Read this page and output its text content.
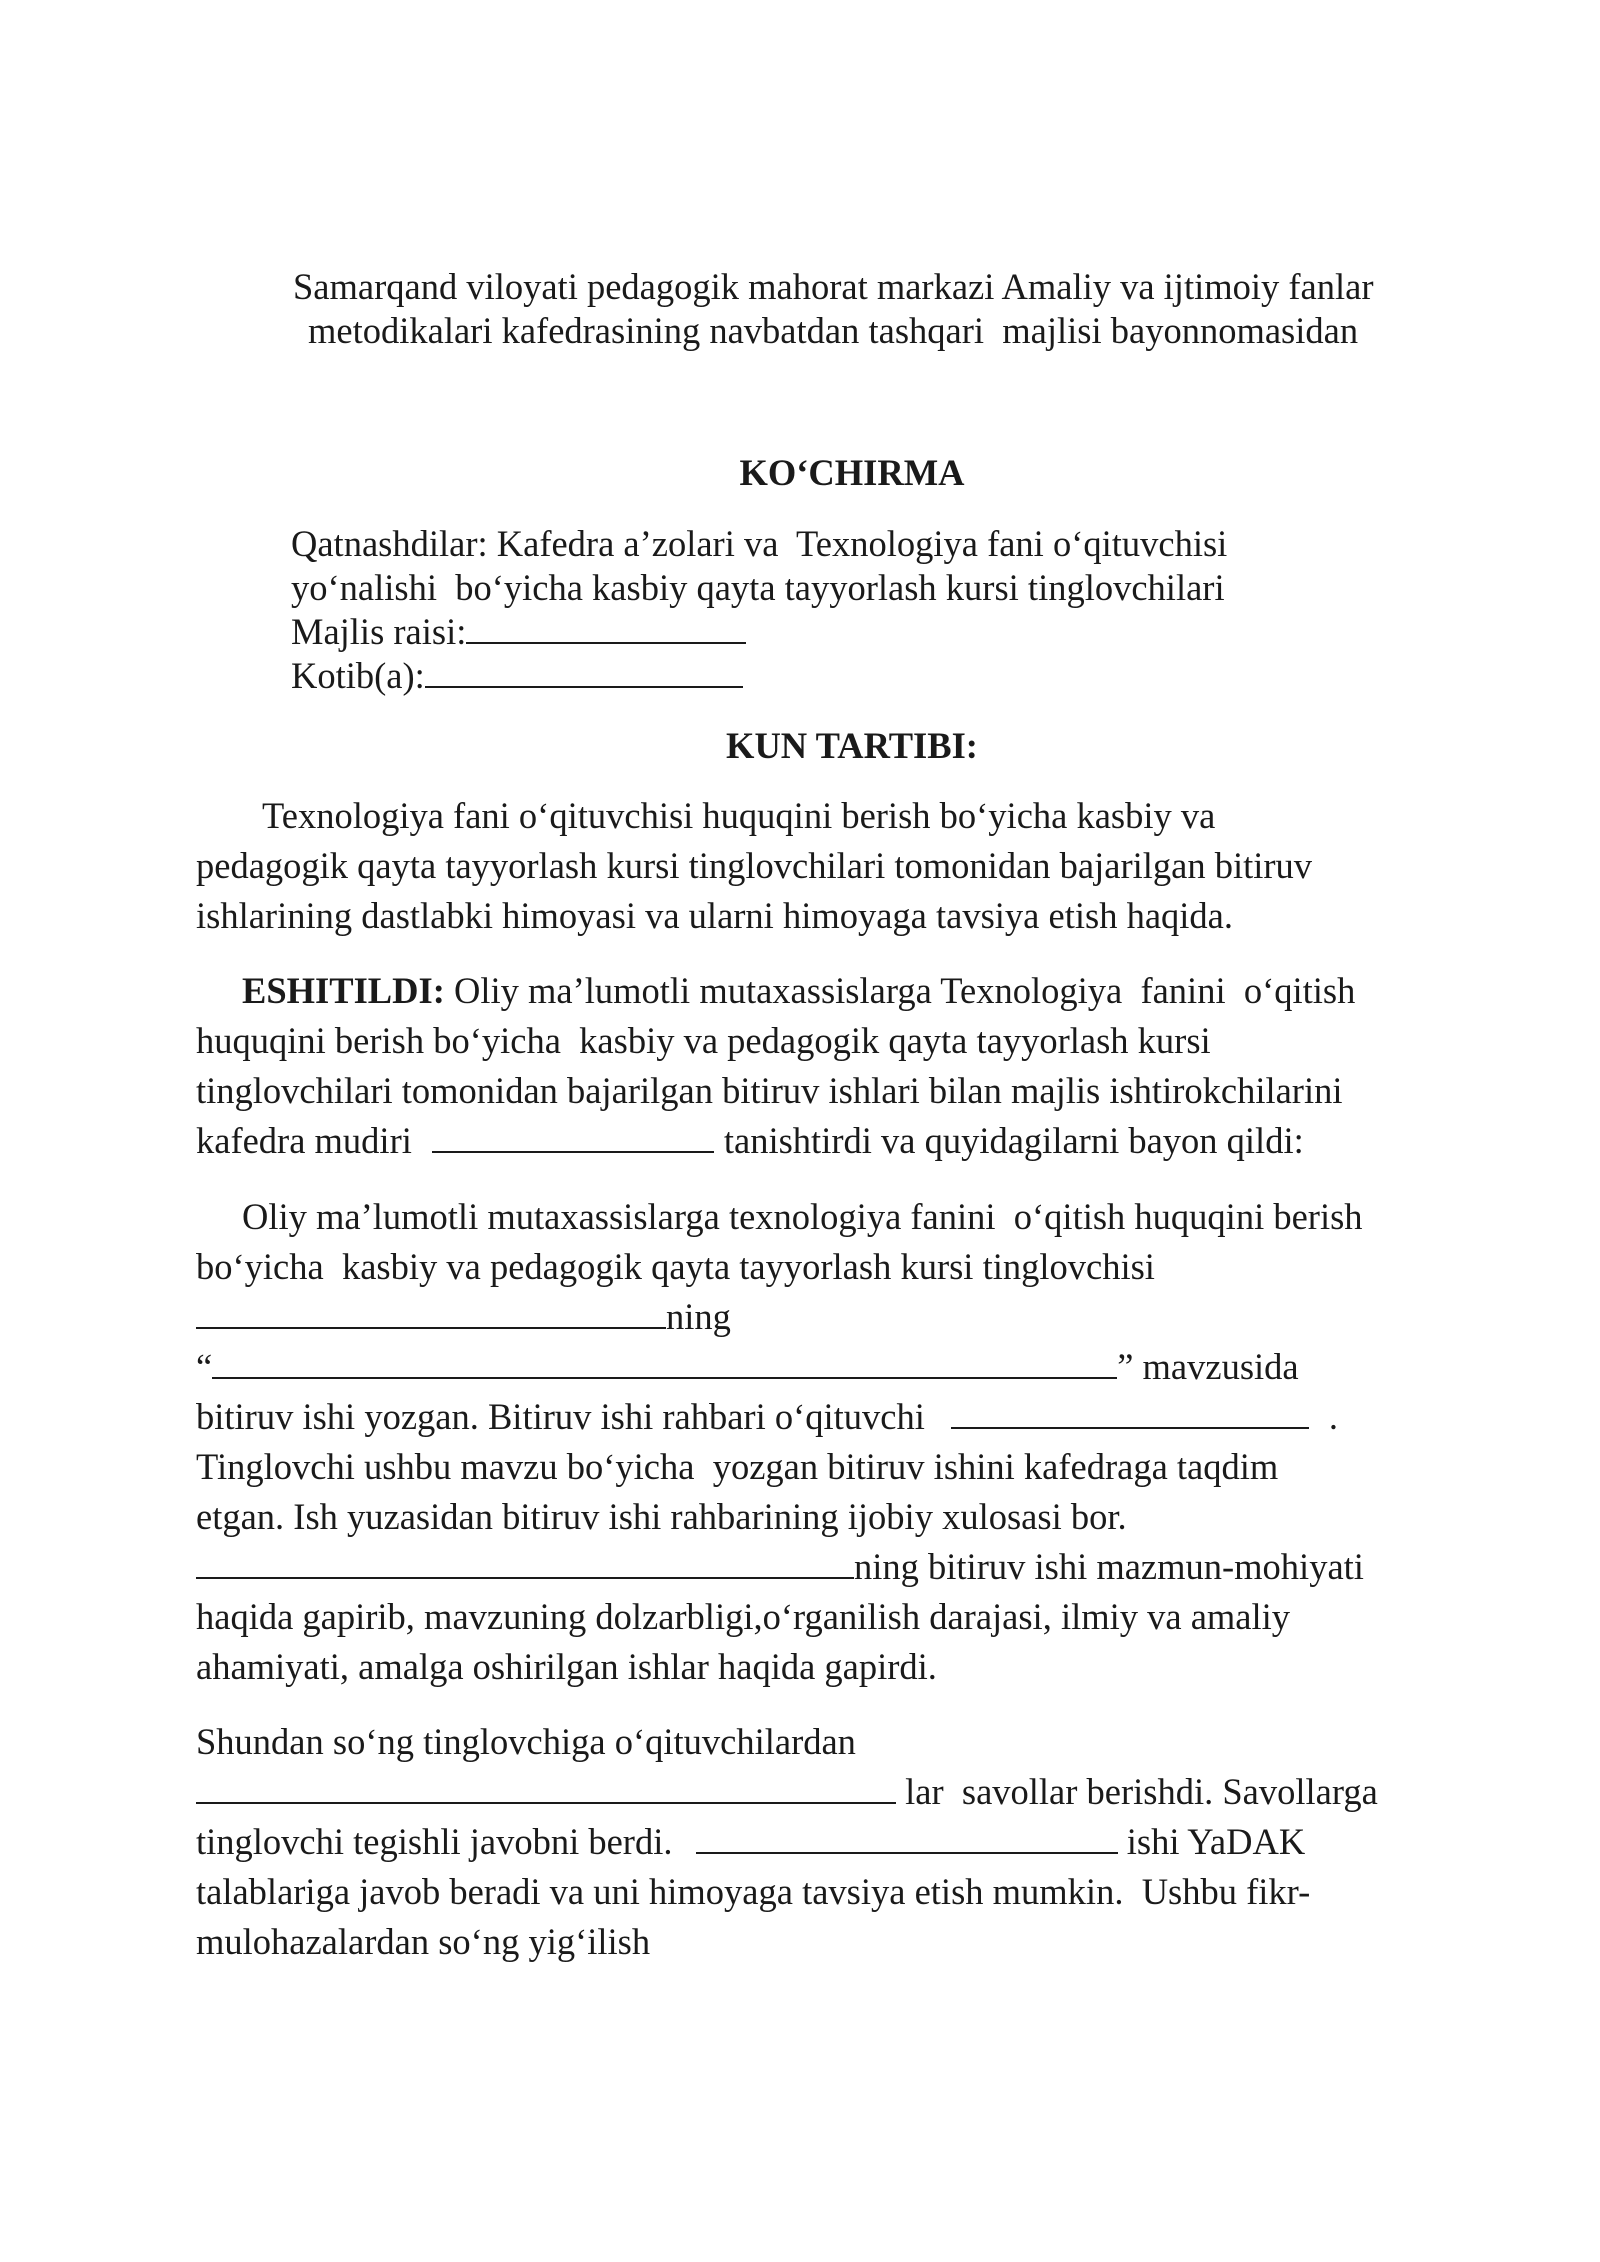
Samarqand viloyati pedagogik mahorat markazi Amaliy va ijtimoiy fanlar

metodikalari kafedrasining navbatdan tashqari  majlisi bayonnomasidan

KO‘CHIRMA

Qatnashdilar: Kafedra a’zolari va  Texnologiya fani o‘qituvchisi

yo‘nalishi  bo‘yicha kasbiy qayta tayyorlash kursi tinglovchilari

Majlis raisi:

Kotib(a):

KUN TARTIBI:

Texnologiya fani o‘qituvchisi huquqini berish bo‘yicha kasbiy va

pedagogik qayta tayyorlash kursi tinglovchilari tomonidan bajarilgan bitiruv

ishlarining dastlabki himoyasi va ularni himoyaga tavsiya etish haqida.

ESHITILDI: Oliy ma’lumotli mutaxassislarga Texnologiya  fanini  o‘qitish

huquqini berish bo‘yicha  kasbiy va pedagogik qayta tayyorlash kursi

tinglovchilari tomonidan bajarilgan bitiruv ishlari bilan majlis ishtirokchilarini

kafedra mudiri	tanishtirdi va quyidagilarni bayon qildi:

Oliy ma’lumotli mutaxassislarga texnologiya fanini  o‘qitish huquqini berish

bo‘yicha  kasbiy va pedagogik qayta tayyorlash kursi tinglovchisi

ning

“	” mavzusida

bitiruv ishi yozgan. Bitiruv ishi rahbari o‘qituvchi	.

Tinglovchi ushbu mavzu bo‘yicha  yozgan bitiruv ishini kafedraga taqdim

etgan. Ish yuzasidan bitiruv ishi rahbarining ijobiy xulosasi bor.

ning bitiruv ishi mazmun-mohiyati

haqida gapirib, mavzuning dolzarbligi,o‘rganilish darajasi, ilmiy va amaliy

ahamiyati, amalga oshirilgan ishlar haqida gapirdi.

Shundan so‘ng tinglovchiga o‘qituvchilardan

lar  savollar berishdi. Savollarga

tinglovchi tegishli javobni berdi.	ishi YaDAK

talablariga javob beradi va uni himoyaga tavsiya etish mumkin.  Ushbu fikr-

mulohazalardan so‘ng yig‘ilish
